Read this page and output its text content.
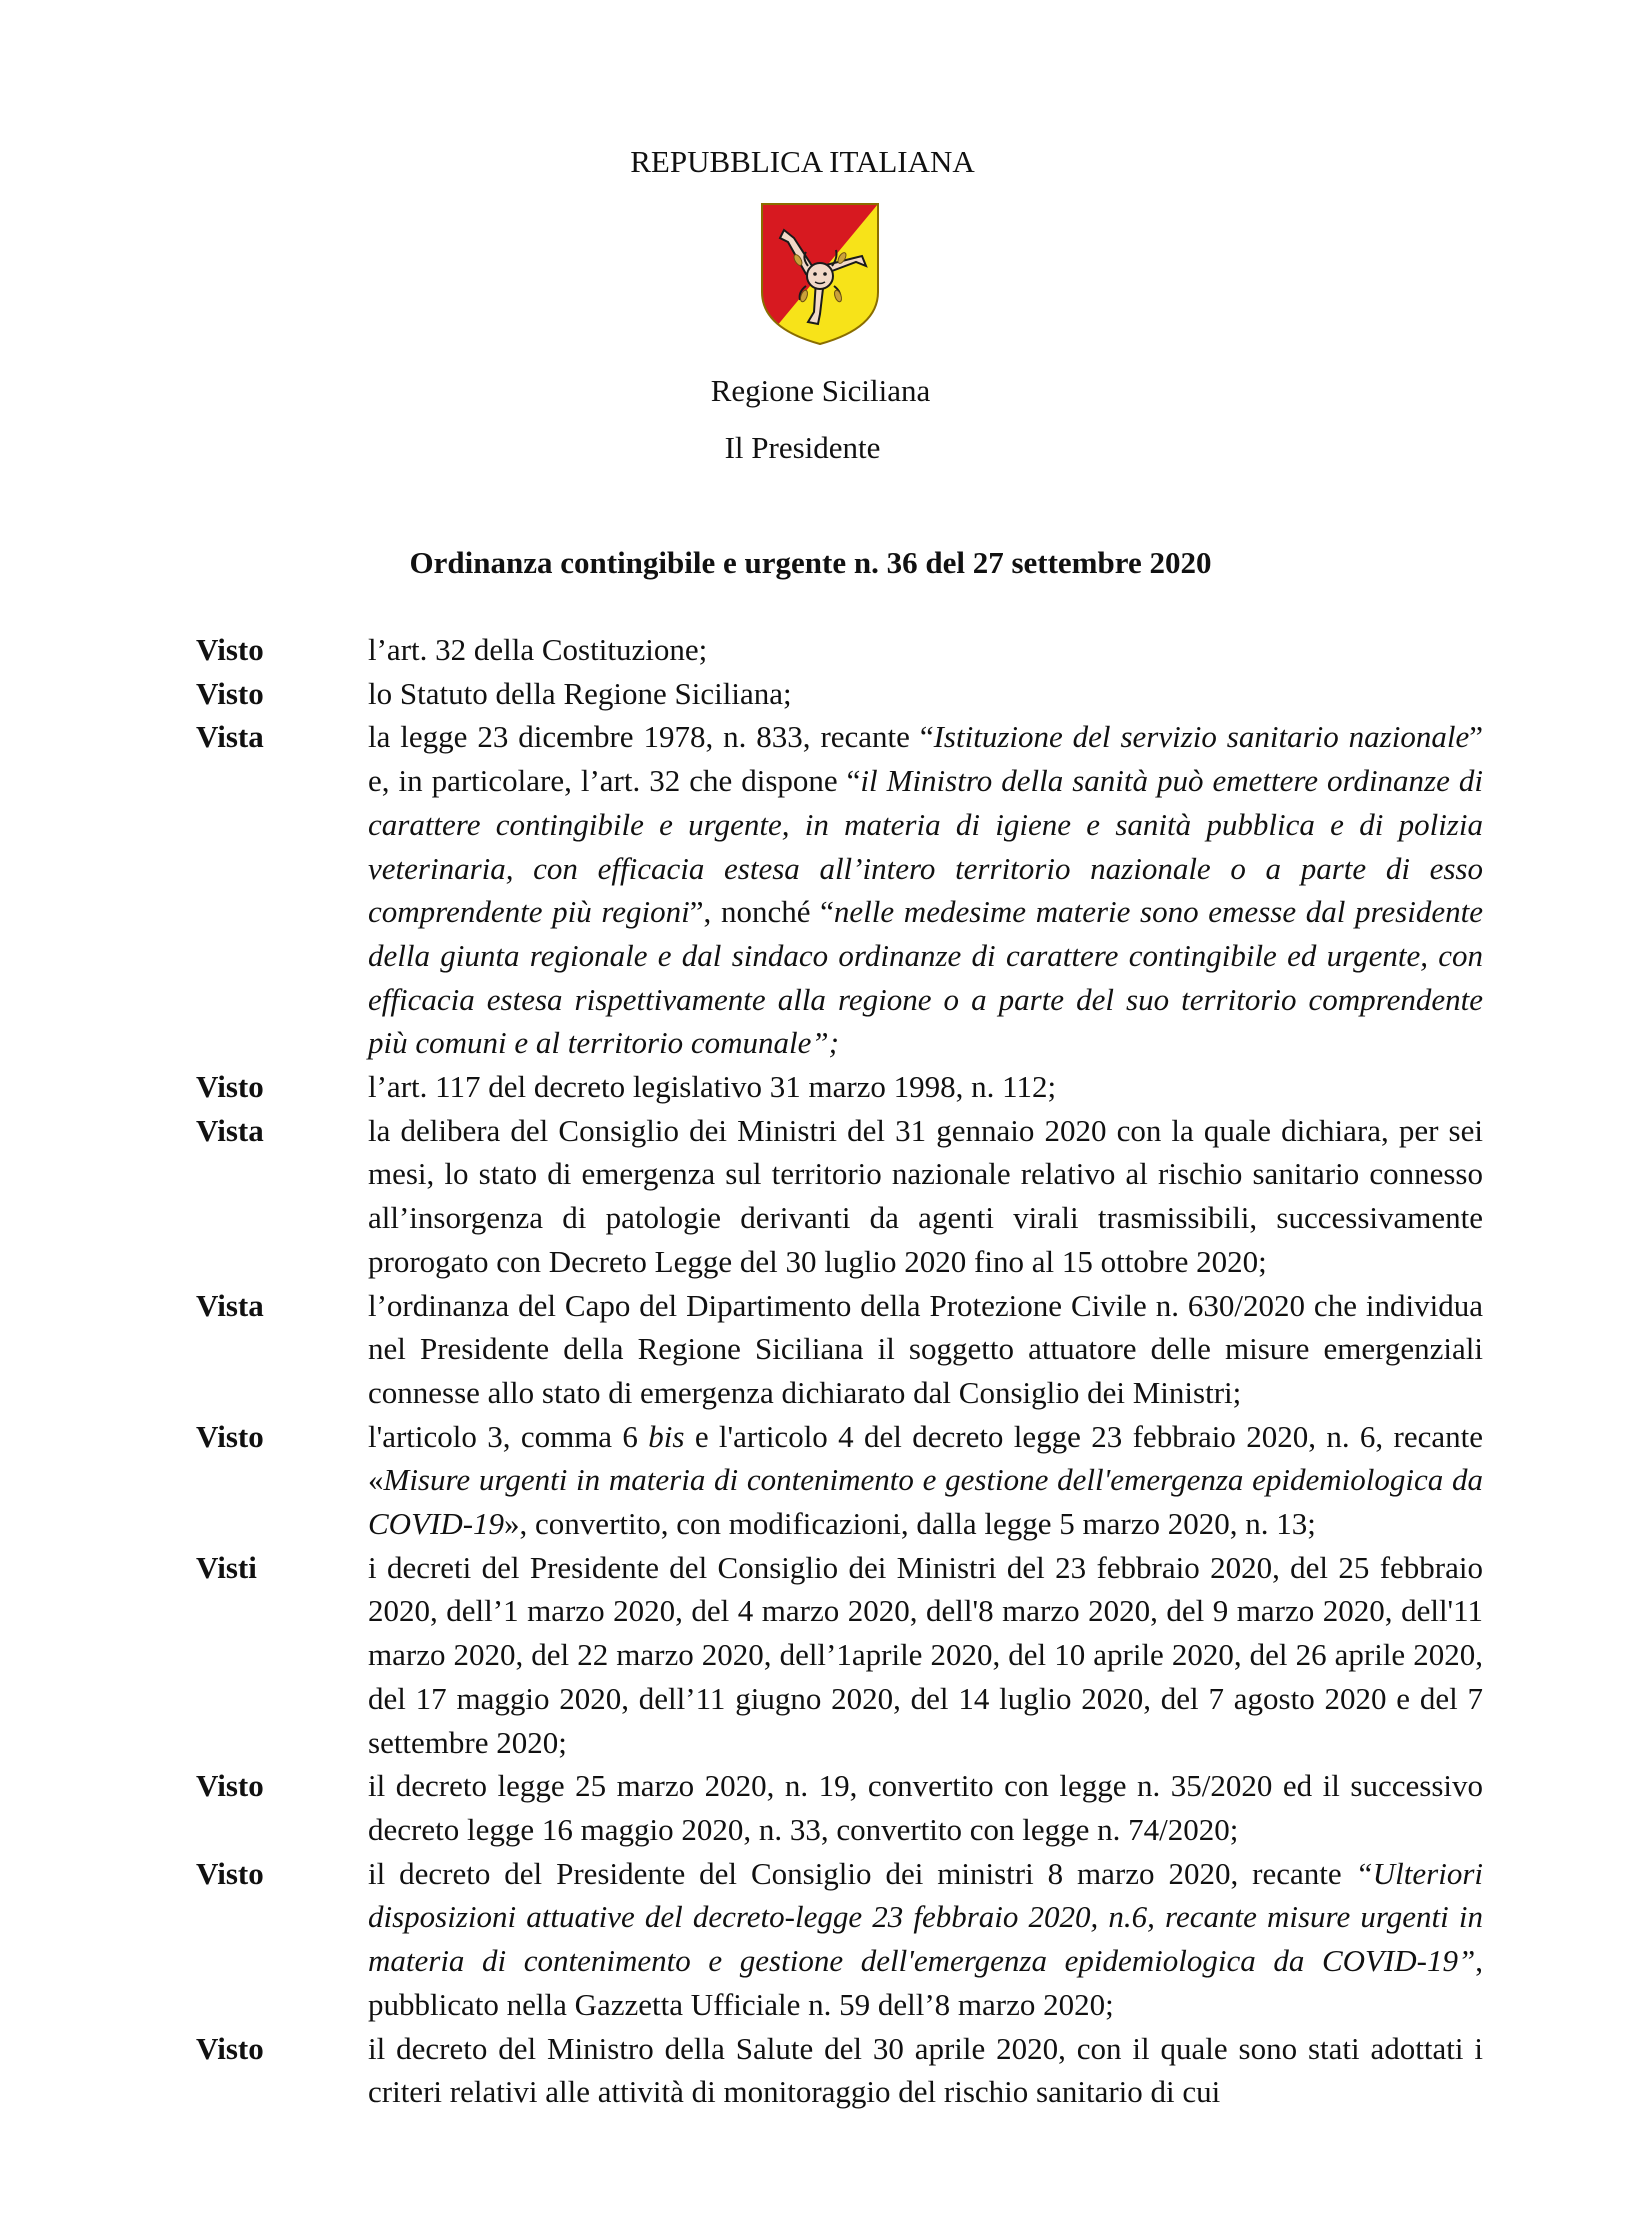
REPUBBLICA ITALIANA
Regione Siciliana
Il Presidente
Ordinanza contingibile e urgente n. 36 del 27 settembre 2020
Visto	l’art. 32 della Costituzione;
Visto	lo Statuto della Regione Siciliana;
Vista	la legge 23 dicembre 1978, n. 833, recante “Istituzione del servizio sanitario nazionale” e, in particolare, l’art. 32 che dispone “il Ministro della sanità può emettere ordinanze di carattere contingibile e urgente, in materia di igiene e sanità pubblica e di polizia veterinaria, con efficacia estesa all’intero territorio nazionale o a parte di esso comprendente più regioni”, nonché “nelle medesime materie sono emesse dal presidente della giunta regionale e dal sindaco ordinanze di carattere contingibile ed urgente, con efficacia estesa rispettivamente alla regione o a parte del suo territorio comprendente più comuni e al territorio comunale”;
Visto	l’art. 117 del decreto legislativo 31 marzo 1998, n. 112;
Vista	la delibera del Consiglio dei Ministri del 31 gennaio 2020 con la quale dichiara, per sei mesi, lo stato di emergenza sul territorio nazionale relativo al rischio sanitario connesso all’insorgenza di patologie derivanti da agenti virali trasmissibili, successivamente prorogato con Decreto Legge del 30 luglio 2020 fino al 15 ottobre 2020;
Vista	l’ordinanza del Capo del Dipartimento della Protezione Civile n. 630/2020 che individua nel Presidente della Regione Siciliana il soggetto attuatore delle misure emergenziali connesse allo stato di emergenza dichiarato dal Consiglio dei Ministri;
Visto	l'articolo 3, comma 6 bis e l'articolo 4 del decreto legge 23 febbraio 2020, n. 6, recante «Misure urgenti in materia di contenimento e gestione dell'emergenza epidemiologica da COVID-19», convertito, con modificazioni, dalla legge 5 marzo 2020, n. 13;
Visti	i decreti del Presidente del Consiglio dei Ministri del 23 febbraio 2020, del 25 febbraio 2020, dell’1 marzo 2020, del 4 marzo 2020, dell'8 marzo 2020, del 9 marzo 2020, dell'11 marzo 2020, del 22 marzo 2020, dell’1aprile 2020, del 10 aprile 2020, del 26 aprile 2020, del 17 maggio 2020, dell’11 giugno 2020, del 14 luglio 2020, del 7 agosto 2020 e del 7 settembre 2020;
Visto	il decreto legge 25 marzo 2020, n. 19, convertito con legge n. 35/2020 ed il successivo decreto legge 16 maggio 2020, n. 33, convertito con legge n. 74/2020;
Visto	il decreto del Presidente del Consiglio dei ministri 8 marzo 2020, recante “Ulteriori disposizioni attuative del decreto-legge 23 febbraio 2020, n.6, recante misure urgenti in materia di contenimento e gestione dell'emergenza epidemiologica da COVID-19”, pubblicato nella Gazzetta Ufficiale n. 59 dell’8 marzo 2020;
Visto	il decreto del Ministro della Salute del 30 aprile 2020, con il quale sono stati adottati i criteri relativi alle attività di monitoraggio del rischio sanitario di cui
